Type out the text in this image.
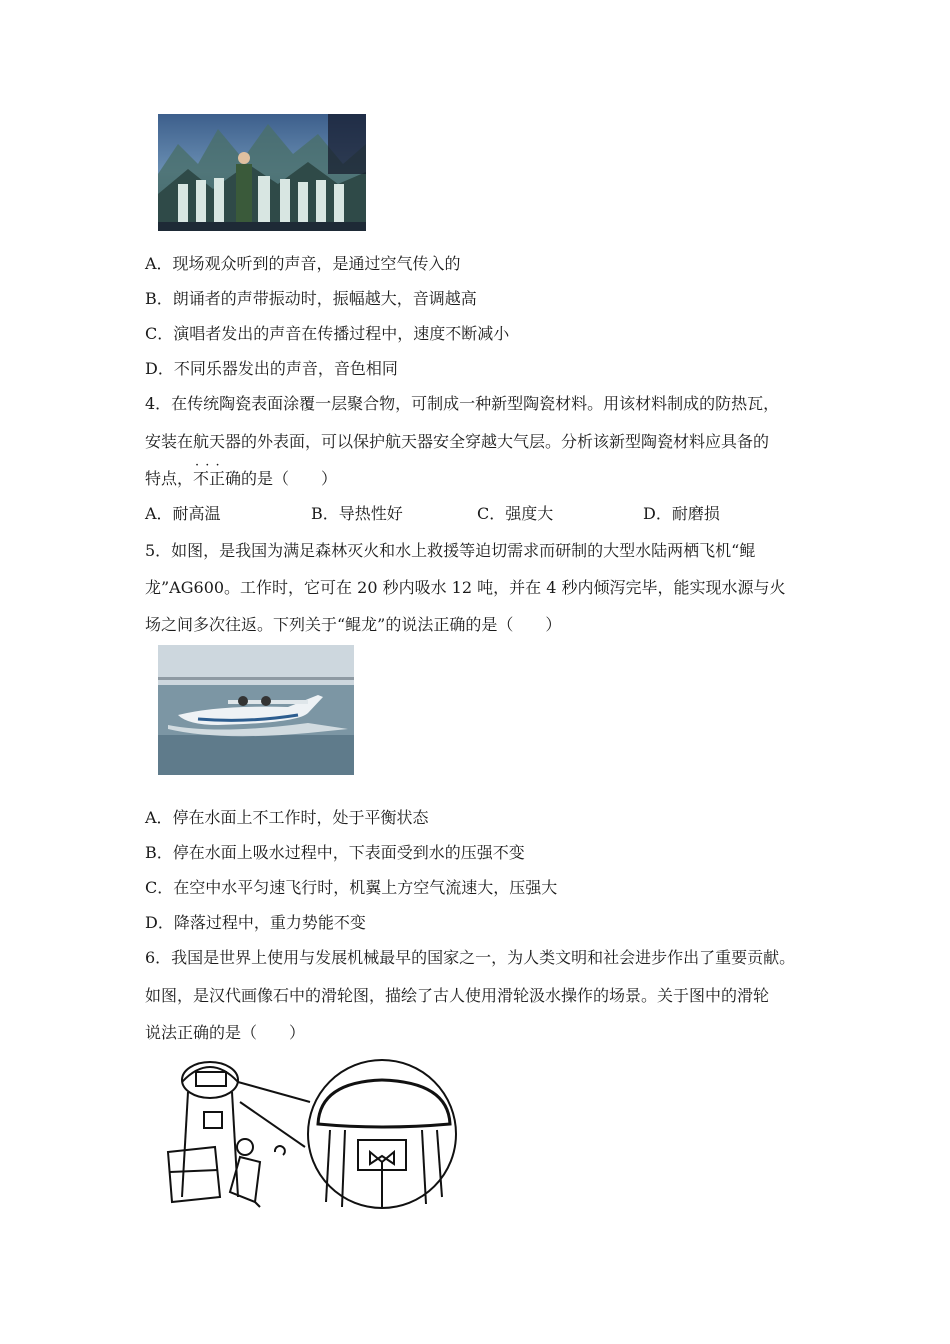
A．现场观众听到的声音，是通过空气传入的
B．朗诵者的声带振动时，振幅越大，音调越高
C．演唱者发出的声音在传播过程中，速度不断减小
D．不同乐器发出的声音，音色相同
4．在传统陶瓷表面涂覆一层聚合物，可制成一种新型陶瓷材料。用该材料制成的防热瓦，
安装在航天器的外表面，可以保护航天器安全穿越大气层。分析该新型陶瓷材料应具备的
特点，· · · 不正确的是（　　）
A．耐高温	B．导热性好	C．强度大	D．耐磨损
5．如图，是我国为满足森林灭火和水上救援等迫切需求而研制的大型水陆两栖飞机“鲲
龙”AG600。工作时，它可在 20 秒内吸水 12 吨，并在 4 秒内倾泻完毕，能实现水源与火
场之间多次往返。下列关于“鲲龙”的说法正确的是（　　）
A．停在水面上不工作时，处于平衡状态
B．停在水面上吸水过程中，下表面受到水的压强不变
C．在空中水平匀速飞行时，机翼上方空气流速大，压强大
D．降落过程中，重力势能不变
6．我国是世界上使用与发展机械最早的国家之一，为人类文明和社会进步作出了重要贡献。
如图，是汉代画像石中的滑轮图，描绘了古人使用滑轮汲水操作的场景。关于图中的滑轮
说法正确的是（　　）
